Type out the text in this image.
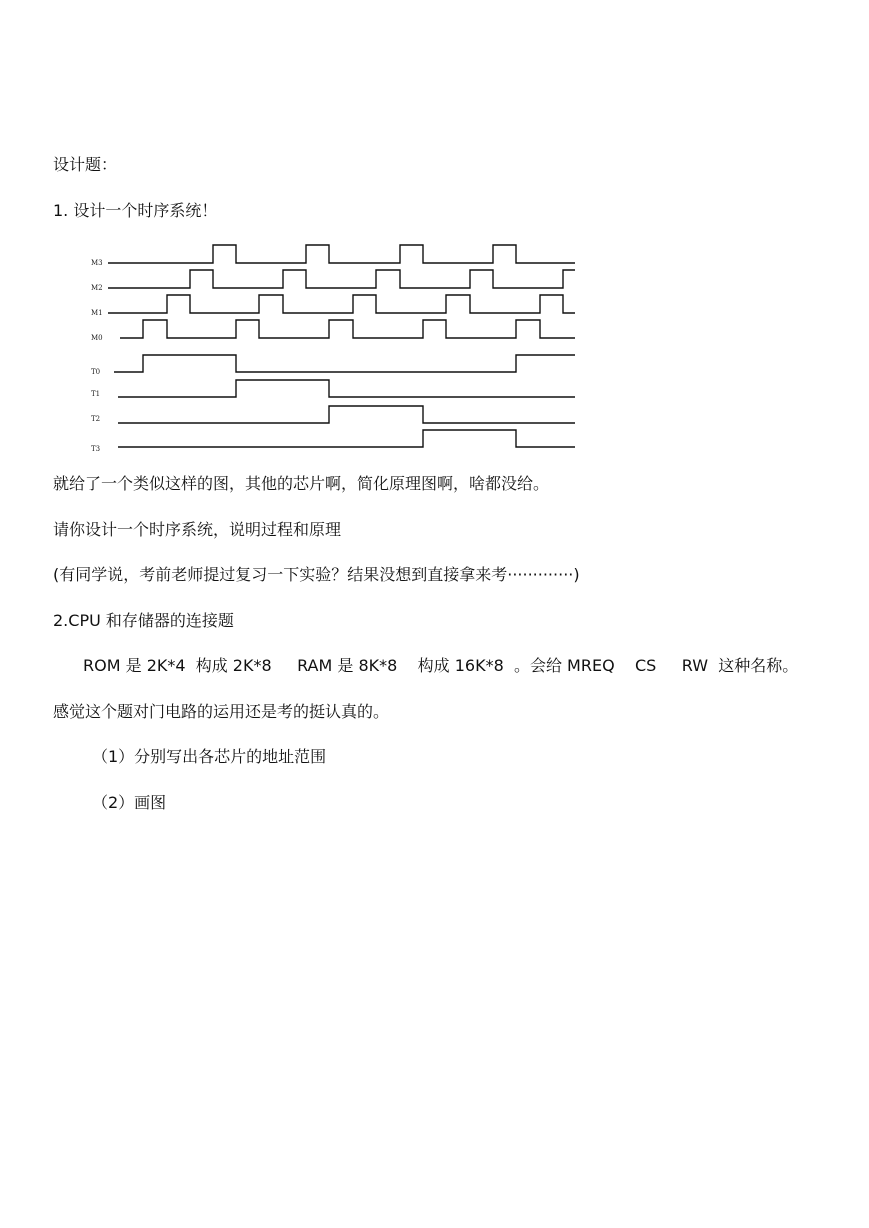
设计题：
1. 设计一个时序系统！
M3
M2
M1
M0
T0
T1
T2
T3
就给了一个类似这样的图，其他的芯片啊，简化原理图啊，啥都没给。
请你设计一个时序系统，说明过程和原理
(有同学说，考前老师提过复习一下实验？结果没想到直接拿来考·············)
2.CPU 和存储器的连接题
ROM 是 2K*4  构成 2K*8     RAM 是 8K*8    构成 16K*8  。会给 MREQ    CS     RW  这种名称。
感觉这个题对门电路的运用还是考的挺认真的。
（1）分别写出各芯片的地址范围
（2）画图
